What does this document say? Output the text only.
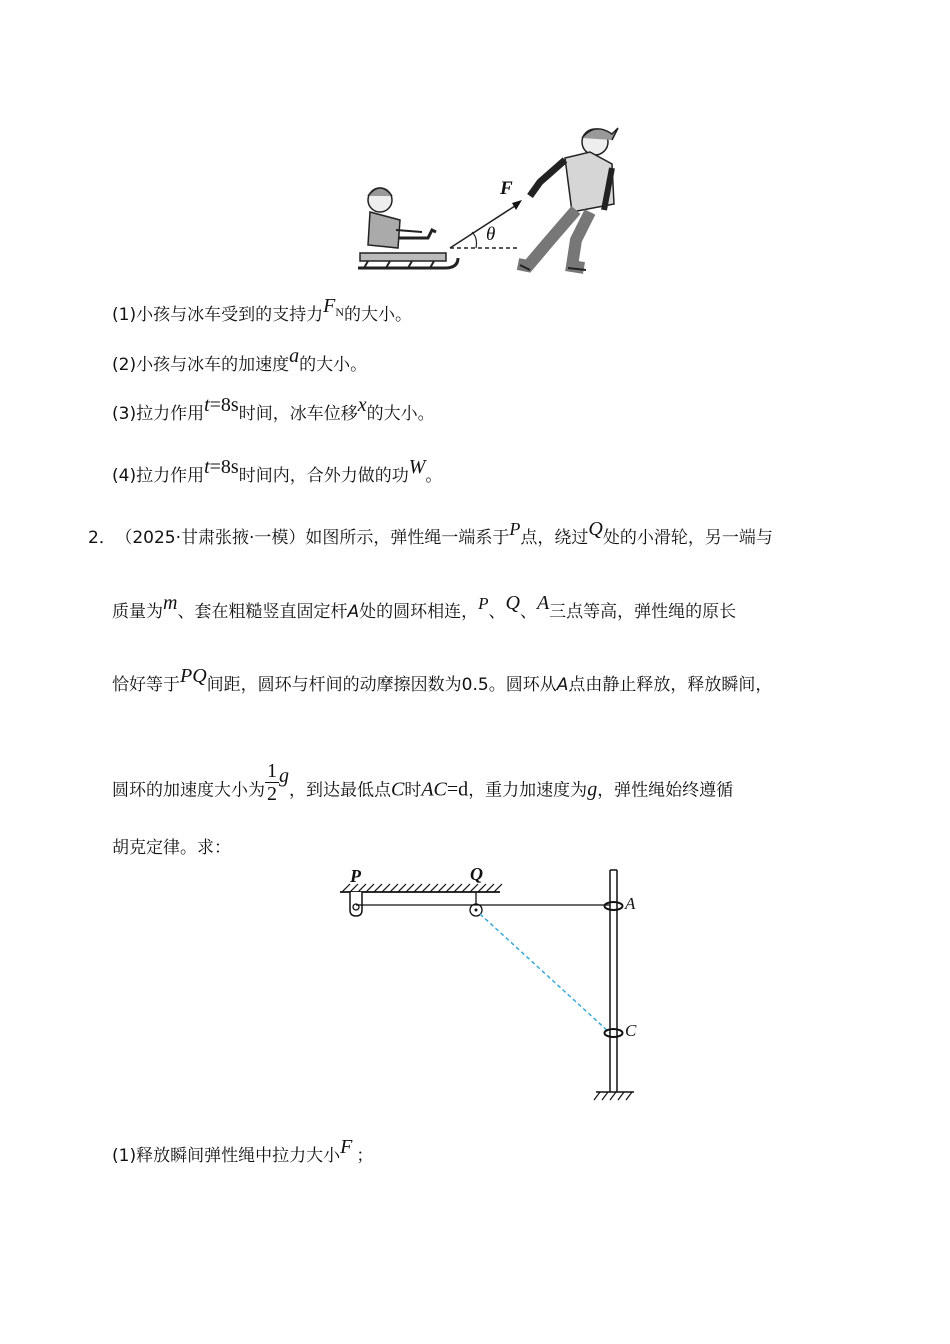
F
θ
(1)小孩与冰车受到的支持力$F^N$的大小。
(2)小孩与冰车的加速度a的大小。
(3)拉力作用t=8s时间，冰车位移x的大小。
(4)拉力作用t=8s时间内，合外力做的功W。
2． （2025·甘肃张掖·一模）如图所示，弹性绳一端系于P点，绕过Q处的小滑轮，另一端与
质量为m、套在粗糙竖直固定杆A处的圆环相连，P、Q、A三点等高，弹性绳的原长
恰好等于PQ间距，圆环与杆间的动摩擦因数为0.5。圆环从A点由静止释放，释放瞬间，
圆环的加速度大小为 $\frac{1}{2}$ g，到达最低点C时AC=d，重力加速度为g，弹性绳始终遵循
胡克定律。求：
P	Q
A
C
(1)释放瞬间弹性绳中拉力大小F ；
